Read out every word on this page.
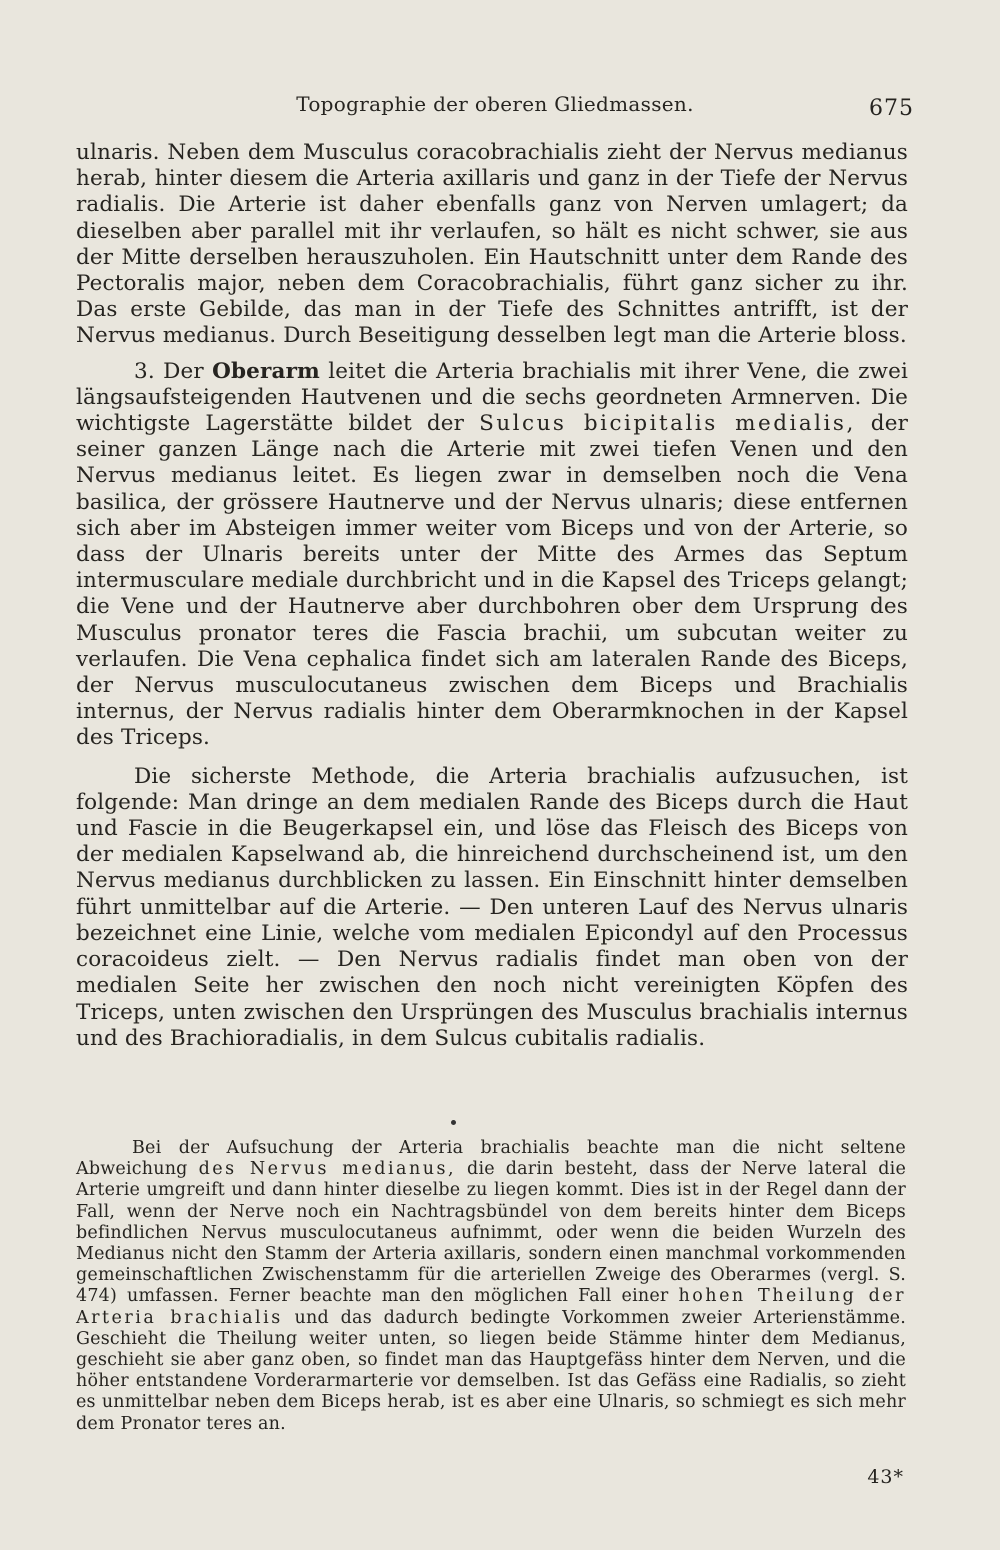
Topographie der oberen Gliedmassen.	675

ulnaris. Neben dem Musculus coracobrachialis zieht der Nervus medianus herab, hinter diesem die Arteria axillaris und ganz in der Tiefe der Nervus radialis. Die Arterie ist daher ebenfalls ganz von Nerven umlagert; da dieselben aber parallel mit ihr verlaufen, so hält es nicht schwer, sie aus der Mitte derselben herauszuholen. Ein Hautschnitt unter dem Rande des Pectoralis major, neben dem Coracobrachialis, führt ganz sicher zu ihr. Das erste Gebilde, das man in der Tiefe des Schnittes antrifft, ist der Nervus medianus. Durch Beseitigung desselben legt man die Arterie bloss.

3. Der Oberarm leitet die Arteria brachialis mit ihrer Vene, die zwei längsaufsteigenden Hautvenen und die sechs geordneten Armnerven. Die wichtigste Lagerstätte bildet der Sulcus bicipitalis medialis, der seiner ganzen Länge nach die Arterie mit zwei tiefen Venen und den Nervus medianus leitet. Es liegen zwar in demselben noch die Vena basilica, der grössere Hautnerve und der Nervus ulnaris; diese entfernen sich aber im Absteigen immer weiter vom Biceps und von der Arterie, so dass der Ulnaris bereits unter der Mitte des Armes das Septum intermusculare mediale durchbricht und in die Kapsel des Triceps gelangt; die Vene und der Hautnerve aber durchbohren ober dem Ursprung des Musculus pronator teres die Fascia brachii, um subcutan weiter zu verlaufen. Die Vena cephalica findet sich am lateralen Rande des Biceps, der Nervus musculocutaneus zwischen dem Biceps und Brachialis internus, der Nervus radialis hinter dem Oberarmknochen in der Kapsel des Triceps.

Die sicherste Methode, die Arteria brachialis aufzusuchen, ist folgende: Man dringe an dem medialen Rande des Biceps durch die Haut und Fascie in die Beugerkapsel ein, und löse das Fleisch des Biceps von der medialen Kapselwand ab, die hinreichend durchscheinend ist, um den Nervus medianus durchblicken zu lassen. Ein Einschnitt hinter demselben führt unmittelbar auf die Arterie. — Den unteren Lauf des Nervus ulnaris bezeichnet eine Linie, welche vom medialen Epicondyl auf den Processus coracoideus zielt. — Den Nervus radialis findet man oben von der medialen Seite her zwischen den noch nicht vereinigten Köpfen des Triceps, unten zwischen den Ursprüngen des Musculus brachialis internus und des Brachioradialis, in dem Sulcus cubitalis radialis.

Bei der Aufsuchung der Arteria brachialis beachte man die nicht seltene Abweichung des Nervus medianus, die darin besteht, dass der Nerve lateral die Arterie umgreift und dann hinter dieselbe zu liegen kommt. Dies ist in der Regel dann der Fall, wenn der Nerve noch ein Nachtragsbündel von dem bereits hinter dem Biceps befindlichen Nervus musculocutaneus aufnimmt, oder wenn die beiden Wurzeln des Medianus nicht den Stamm der Arteria axillaris, sondern einen manchmal vorkommenden gemeinschaftlichen Zwischenstamm für die arteriellen Zweige des Oberarmes (vergl. S. 474) umfassen. Ferner beachte man den möglichen Fall einer hohen Theilung der Arteria brachialis und das dadurch bedingte Vorkommen zweier Arterienstämme. Geschieht die Theilung weiter unten, so liegen beide Stämme hinter dem Medianus, geschieht sie aber ganz oben, so findet man das Hauptgefäss hinter dem Nerven, und die höher entstandene Vorderarmarterie vor demselben. Ist das Gefäss eine Radialis, so zieht es unmittelbar neben dem Biceps herab, ist es aber eine Ulnaris, so schmiegt es sich mehr dem Pronator teres an.

43*
